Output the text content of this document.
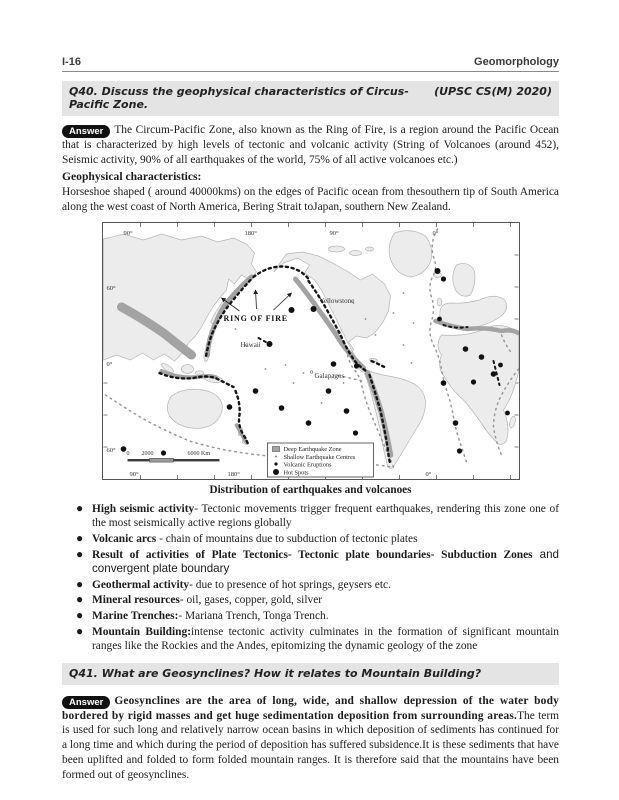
I-16	Geomorphology
Q40. Discuss the geophysical characteristics of Circus-Pacific Zone.
(UPSC CS(M) 2020)

Answer The Circum-Pacific Zone, also known as the Ring of Fire, is a region around the Pacific Ocean that is characterized by high levels of tectonic and volcanic activity (String of Volcanoes (around 452), Seismic activity, 90% of all earthquakes of the world, 75% of all active volcanoes etc.)

Geophysical characteristics:

Horseshoe shaped ( around 40000kms) on the edges of Pacific ocean from thesouthern tip of South America along the west coast of North America, Bering Strait toJapan, southern New Zealand.

RING OF FIRE
Yellowstone
Hawaii
Galapagos
90°	180°	90°	0°
60°
0°
60°
90°	180°	0°
0 2000	6000 Km
Deep Earthquake Zone
Shallow Earthquake Centres
Volcanic Eruptions
Hot Spots
Distribution of earthquakes and volcanoes
● High seismic activity- Tectonic movements trigger frequent earthquakes, rendering this zone one of the most seismically active regions globally
● Volcanic arcs - chain of mountains due to subduction of tectonic plates
● Result of activities of Plate Tectonics- Tectonic plate boundaries- Subduction Zones and convergent plate boundary
● Geothermal activity- due to presence of hot springs, geysers etc.
● Mineral resources- oil, gases, copper, gold, silver
● Marine Trenches:- Mariana Trench, Tonga Trench.
● Mountain Building:intense tectonic activity culminates in the formation of significant mountain ranges like the Rockies and the Andes, epitomizing the dynamic geology of the zone
Q41. What are Geosynclines? How it relates to Mountain Building?

Answer Geosynclines are the area of long, wide, and shallow depression of the water body bordered by rigid masses and get huge sedimentation deposition from surrounding areas.The term is used for such long and relatively narrow ocean basins in which deposition of sediments has continued for a long time and which during the period of deposition has suffered subsidence.It is these sediments that have been uplifted and folded to form folded mountain ranges. It is therefore said that the mountains have been formed out of geosynclines.
